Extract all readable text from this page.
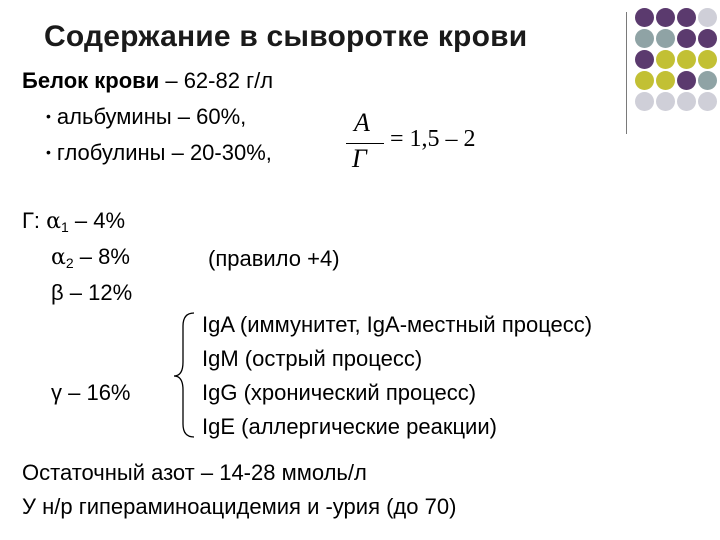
Содержание в сыворотке крови
Белок крови – 62-82 г/л
• альбумины – 60%,
• глобулины – 20-30%,
A
Г
= 1,5 – 2
Г: $\alpha_1 - 4\%$
$\alpha_2 - 8\%$	(правило +4)
β – 12%
γ – 16%
IgA (иммунитет, IgA-местный процесс)
IgM (острый процесс)
IgG (хронический процесс)
IgE (аллергические реакции)
Остаточный азот – 14-28 ммоль/л
У н/р гипераминоацидемия и -урия (до 70)
